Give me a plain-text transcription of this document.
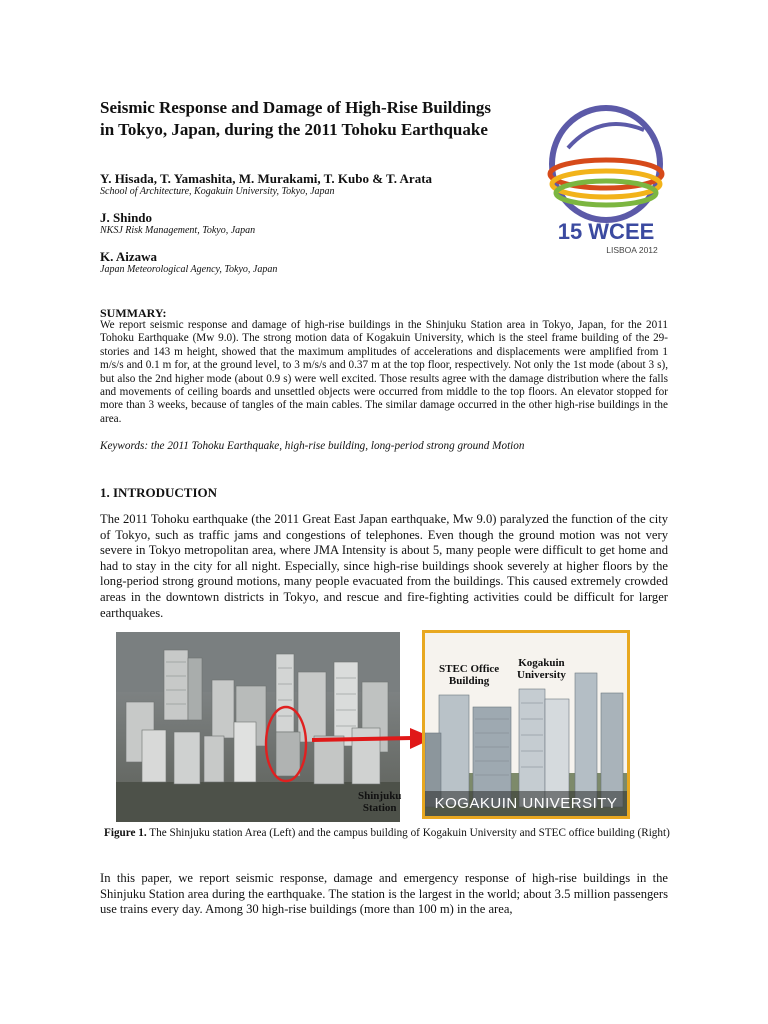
Seismic Response and Damage of High-Rise Buildings
in Tokyo, Japan, during the 2011 Tohoku Earthquake
15 WCEE
LISBOA 2012
Y. Hisada, T. Yamashita, M. Murakami, T. Kubo & T. Arata
School of Architecture, Kogakuin University, Tokyo, Japan
J. Shindo
NKSJ Risk Management, Tokyo, Japan
K. Aizawa
Japan Meteorological Agency, Tokyo, Japan
SUMMARY:
We report seismic response and damage of high-rise buildings in the Shinjuku Station area in Tokyo, Japan, for the 2011 Tohoku Earthquake (Mw 9.0). The strong motion data of Kogakuin University, which is the steel frame building of the 29-stories and 143 m height, showed that the maximum amplitudes of accelerations and displacements were amplified from 1 m/s/s and 0.1 m for, at the ground level, to 3 m/s/s and 0.37 m at the top floor, respectively. Not only the 1st mode (about 3 s), but also the 2nd higher mode (about 0.9 s) were well excited. Those results agree with the damage distribution where the falls and movements of ceiling boards and unsettled objects were occurred from middle to the top floors. An elevator stopped for more than 3 weeks, because of tangles of the main cables. The similar damage occurred in the other high-rise buildings in the area.
Keywords: the 2011 Tohoku Earthquake, high-rise building, long-period strong ground Motion
1. INTRODUCTION
The 2011 Tohoku earthquake (the 2011 Great East Japan earthquake, Mw 9.0) paralyzed the function of the city of Tokyo, such as traffic jams and congestions of telephones. Even though the ground motion was not very severe in Tokyo metropolitan area, where JMA Intensity is about 5, many people were difficult to get home and had to stay in the city for all night. Especially, since high-rise buildings shook severely at higher floors by the long-period strong ground motions, many people evacuated from the buildings. This caused extremely crowded areas in the downtown districts in Tokyo, and rescue and fire-fighting activities could be difficult for larger earthquakes.
Shinjuku
Station
STEC Office
Building
Kogakuin
University
KOGAKUIN UNIVERSITY
Figure 1. The Shinjuku station Area (Left) and the campus building of Kogakuin University and STEC office building (Right)
In this paper, we report seismic response, damage and emergency response of high-rise buildings in the Shinjuku Station area during the earthquake. The station is the largest in the world; about 3.5 million passengers use trains every day. Among 30 high-rise buildings (more than 100 m) in the area,
